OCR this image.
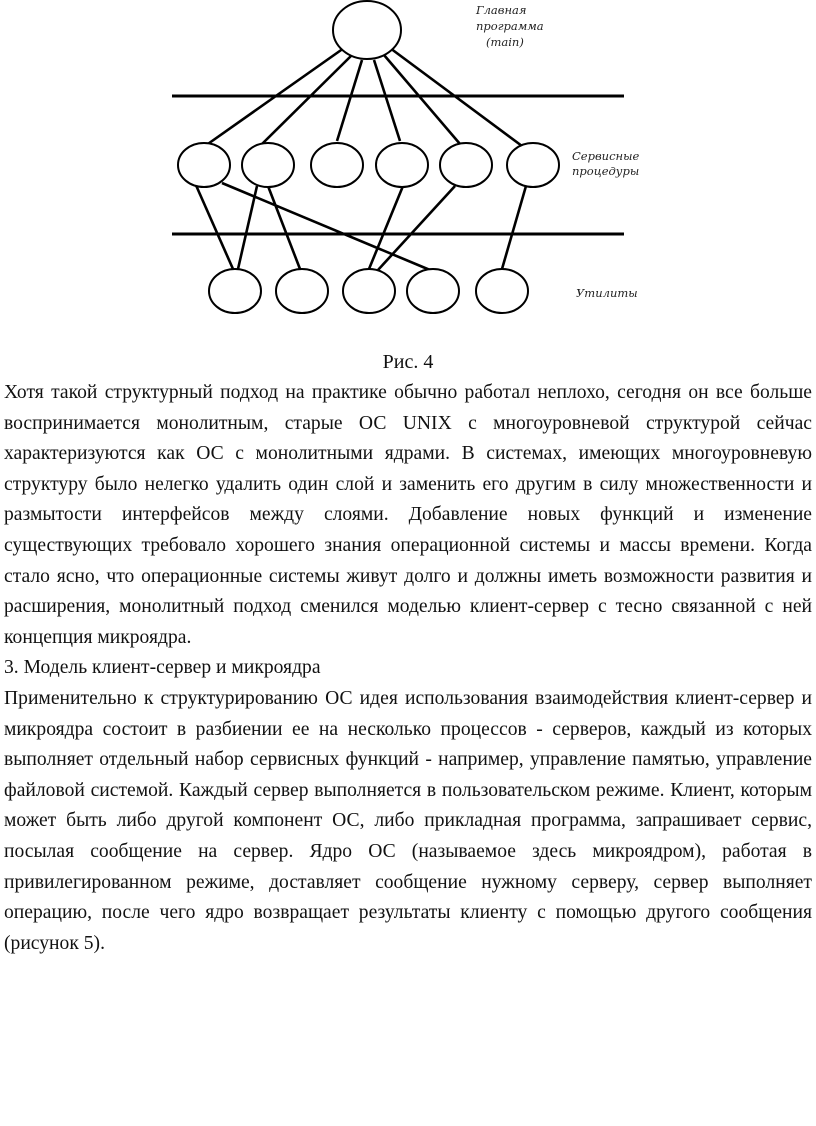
Главная
программа
(main)
Сервисные
процедуры
Утилиты
Рис. 4

Хотя такой структурный подход на практике обычно работал неплохо, сегодня он все больше воспринимается монолитным, старые ОС UNIX с многоуровневой структурой сейчас характеризуются как ОС с монолитными ядрами. В системах, имеющих многоуровневую структуру было нелегко удалить один слой и заменить его другим в силу множественности и размытости интерфейсов между слоями. Добавление новых функций и изменение существующих требовало хорошего знания операционной системы и массы времени. Когда стало ясно, что операционные системы живут долго и должны иметь возможности развития и расширения, монолитный подход сменился моделью клиент-сервер с тесно связанной с ней концепция микроядра.

3. Модель клиент-сервер и микроядра

Применительно к структурированию ОС идея использования взаимодействия клиент-сервер и микроядра состоит в разбиении ее на несколько процессов - серверов, каждый из которых выполняет отдельный набор сервисных функций - например, управление памятью, управление файловой системой. Каждый сервер выполняется в пользовательском режиме. Клиент, которым может быть либо другой компонент ОС, либо прикладная программа, запрашивает сервис, посылая сообщение на сервер. Ядро ОС (называемое здесь микроядром), работая в привилегированном режиме, доставляет сообщение нужному серверу, сервер выполняет операцию, после чего ядро возвращает результаты клиенту с помощью другого сообщения (рисунок 5).
